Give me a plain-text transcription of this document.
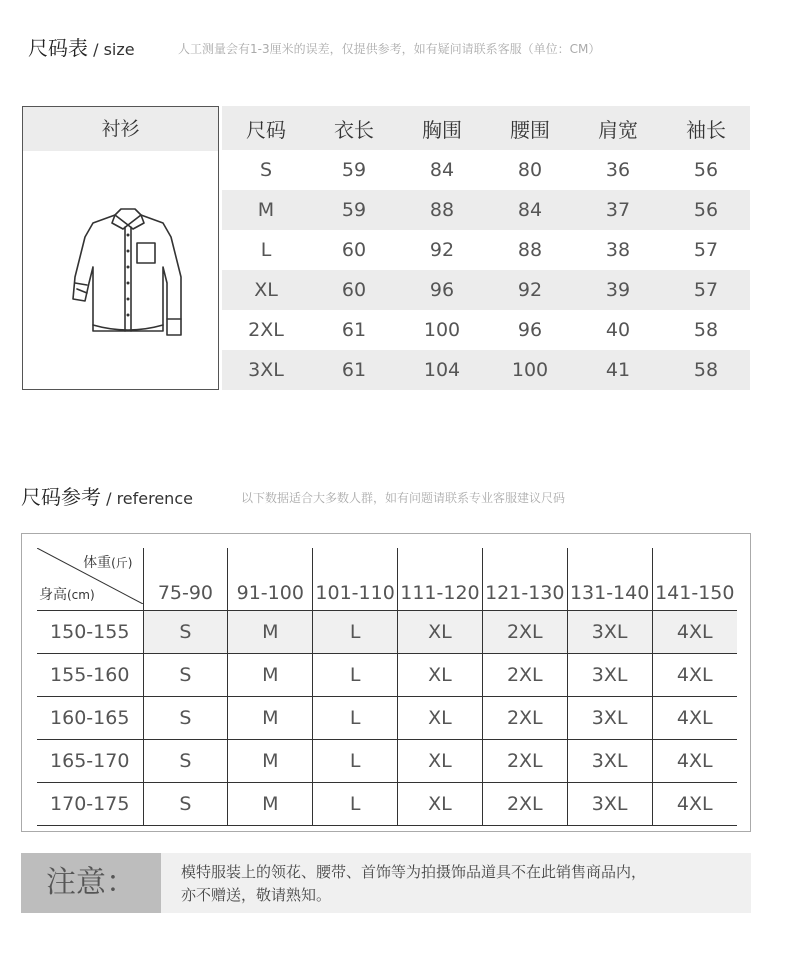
尺码表 / size	人工测量会有1-3厘米的误差，仅提供参考，如有疑问请联系客服（单位：CM）
衬衫	尺码	衣长	胸围	腰围	肩宽	袖长
S	59	84	80	36	56
M	59	88	84	37	56
L	60	92	88	38	57
XL	60	96	92	39	57
2XL	61	100	96	40	58
3XL	61	104	100	41	58
尺码参考 / reference	以下数据适合大多数人群，如有问题请联系专业客服建议尺码
体重(斤)
身高(cm)	75-90	91-100	101-110	111-120	121-130	131-140	141-150
150-155	S	M	L	XL	2XL	3XL	4XL
155-160	S	M	L	XL	2XL	3XL	4XL
160-165	S	M	L	XL	2XL	3XL	4XL
165-170	S	M	L	XL	2XL	3XL	4XL
170-175	S	M	L	XL	2XL	3XL	4XL
注意：	模特服装上的领花、腰带、首饰等为拍摄饰品道具不在此销售商品内，
亦不赠送，敬请熟知。
